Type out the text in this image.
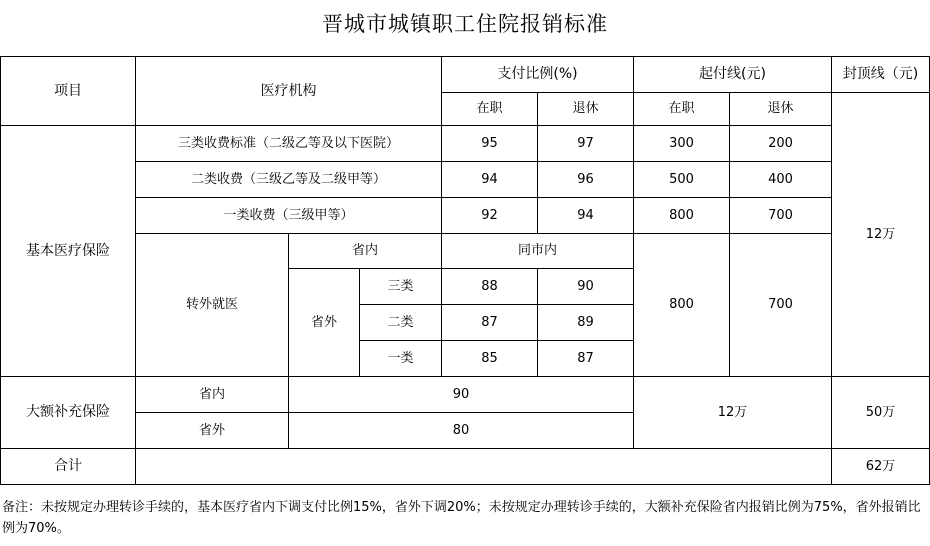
晋城市城镇职工住院报销标准
项目	医疗机构			支付比例(%)		起付线(元)		封顶线（元)
				在职	退休	在职	退休	12万
基本医疗保险	三类收费标准（二级乙等及以下医院）			95	97	300	200	
	二类收费（三级乙等及二级甲等）			94	96	500	400	
	一类收费（三级甲等）			92	94	800	700	
	转外就医	省内		同市内		800	700	
		省外	三类	88	90			
			二类	87	89			
			一类	85	87			
大额补充保险	省内	90				12万		50万
	省外	80						
合计								62万
备注：未按规定办理转诊手续的，基本医疗省内下调支付比例15%，省外下调20%；未按规定办理转诊手续的，大额补充保险省内报销比例为75%，省外报销比例为70%。
